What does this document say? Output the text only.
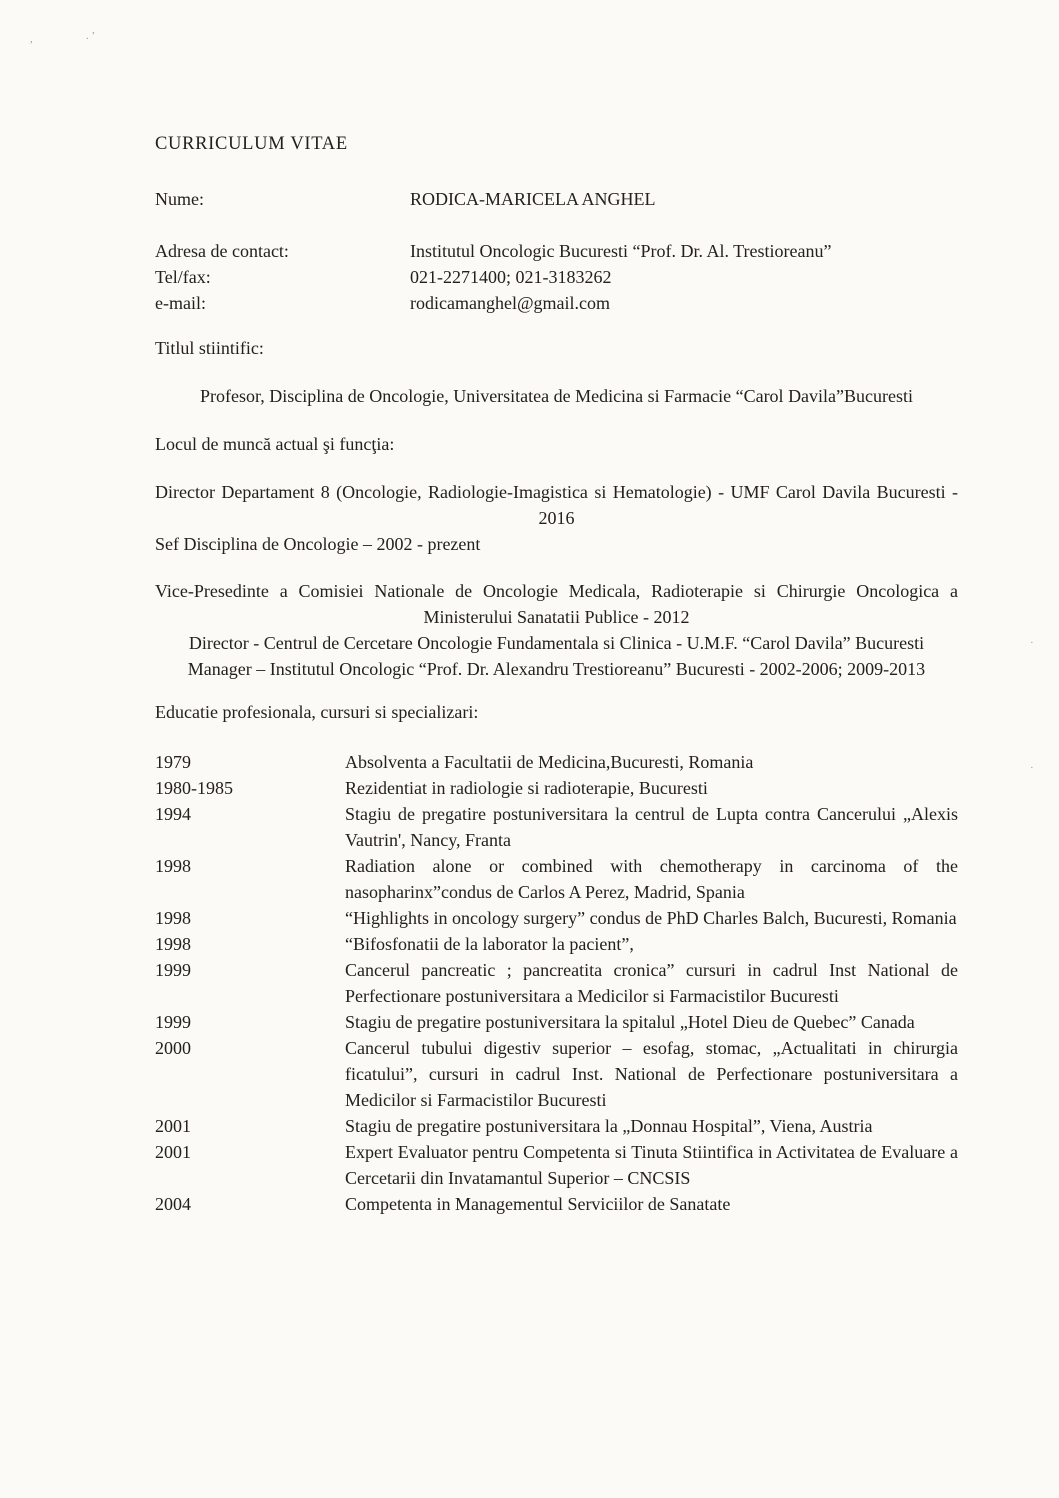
,	. ’
·
·
CURRICULUM VITAE
Nume:	RODICA-MARICELA ANGHEL
Adresa de contact:	Institutul Oncologic Bucuresti “Prof. Dr. Al. Trestioreanu”
Tel/fax:	021-2271400; 021-3183262
e-mail:	rodicamanghel@gmail.com

Titlul stiintific:

Profesor, Disciplina de Oncologie, Universitatea de Medicina si Farmacie “Carol Davila”Bucuresti

Locul de muncă actual şi funcţia:

Director Departament 8 (Oncologie, Radiologie-Imagistica si Hematologie) - UMF Carol Davila Bucuresti - 2016

Sef Disciplina de Oncologie – 2002 - prezent

Vice-Presedinte a Comisiei Nationale de Oncologie Medicala, Radioterapie si Chirurgie Oncologica a Ministerului Sanatatii Publice - 2012

Director - Centrul de Cercetare Oncologie Fundamentala si Clinica - U.M.F. “Carol Davila” Bucuresti

Manager – Institutul Oncologic “Prof. Dr. Alexandru Trestioreanu” Bucuresti - 2002-2006; 2009-2013

Educatie profesionala, cursuri si specializari:

1979	Absolventa a Facultatii de Medicina,Bucuresti, Romania
1980-1985	Rezidentiat in radiologie si radioterapie, Bucuresti
1994	Stagiu de pregatire postuniversitara la centrul de Lupta contra Cancerului „Alexis Vautrin', Nancy, Franta
1998	Radiation alone or combined with chemotherapy in carcinoma of the nasopharinx”condus de Carlos A Perez, Madrid, Spania
1998	“Highlights in oncology surgery” condus de PhD Charles Balch, Bucuresti, Romania
1998	“Bifosfonatii de la laborator la pacient”,
1999	Cancerul pancreatic ; pancreatita cronica” cursuri in cadrul Inst National de Perfectionare postuniversitara a Medicilor si Farmacistilor Bucuresti
1999	Stagiu de pregatire postuniversitara la spitalul „Hotel Dieu de Quebec” Canada
2000	Cancerul tubului digestiv superior – esofag, stomac, „Actualitati in chirurgia ficatului”, cursuri in cadrul Inst. National de Perfectionare postuniversitara a Medicilor si Farmacistilor Bucuresti
2001	Stagiu de pregatire postuniversitara la „Donnau Hospital”, Viena, Austria
2001	Expert Evaluator pentru Competenta si Tinuta Stiintifica in Activitatea de Evaluare a Cercetarii din Invatamantul Superior – CNCSIS
2004	Competenta in Managementul Serviciilor de Sanatate
